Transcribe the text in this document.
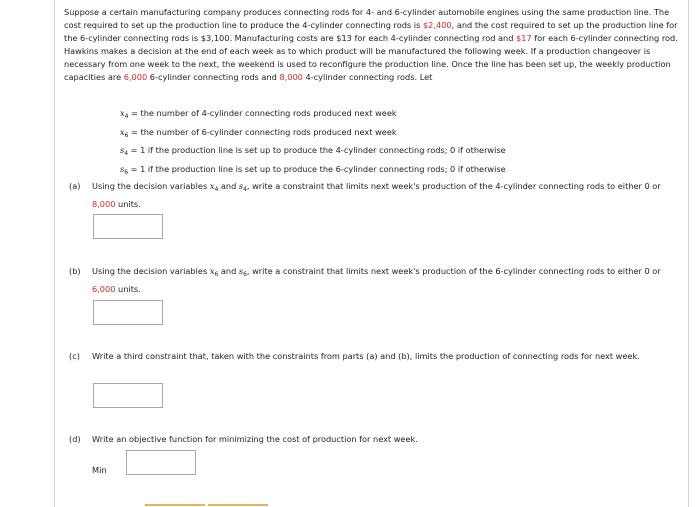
Suppose a certain manufacturing company produces connecting rods for 4- and 6-cylinder automobile engines using the same production line. The cost required to set up the production line to produce the 4-cylinder connecting rods is $2,400, and the cost required to set up the production line for the 6-cylinder connecting rods is $3,100. Manufacturing costs are $13 for each 4-cylinder connecting rod and $17 for each 6-cylinder connecting rod. Hawkins makes a decision at the end of each week as to which product will be manufactured the following week. If a production changeover is necessary from one week to the next, the weekend is used to reconfigure the production line. Once the line has been set up, the weekly production capacities are 6,000 6-cylinder connecting rods and 8,000 4-cylinder connecting rods. Let
$x_4$ = the number of 4-cylinder connecting rods produced next week
$x_6$ = the number of 6-cylinder connecting rods produced next week
$s_4 = 1$ if the production line is set up to produce the 4-cylinder connecting rods; 0 if otherwise
$s_6 = 1$ if the production line is set up to produce the 6-cylinder connecting rods; 0 if otherwise
(a) Using the decision variables $x_4$ and $s_4$, write a constraint that limits next week's production of the 4-cylinder connecting rods to either 0 or 8,000 units.
(b) Using the decision variables $x_6$ and $s_6$, write a constraint that limits next week's production of the 6-cylinder connecting rods to either 0 or 6,000 units.
(c) Write a third constraint that, taken with the constraints from parts (a) and (b), limits the production of connecting rods for next week.
(d) Write an objective function for minimizing the cost of production for next week.
Min
